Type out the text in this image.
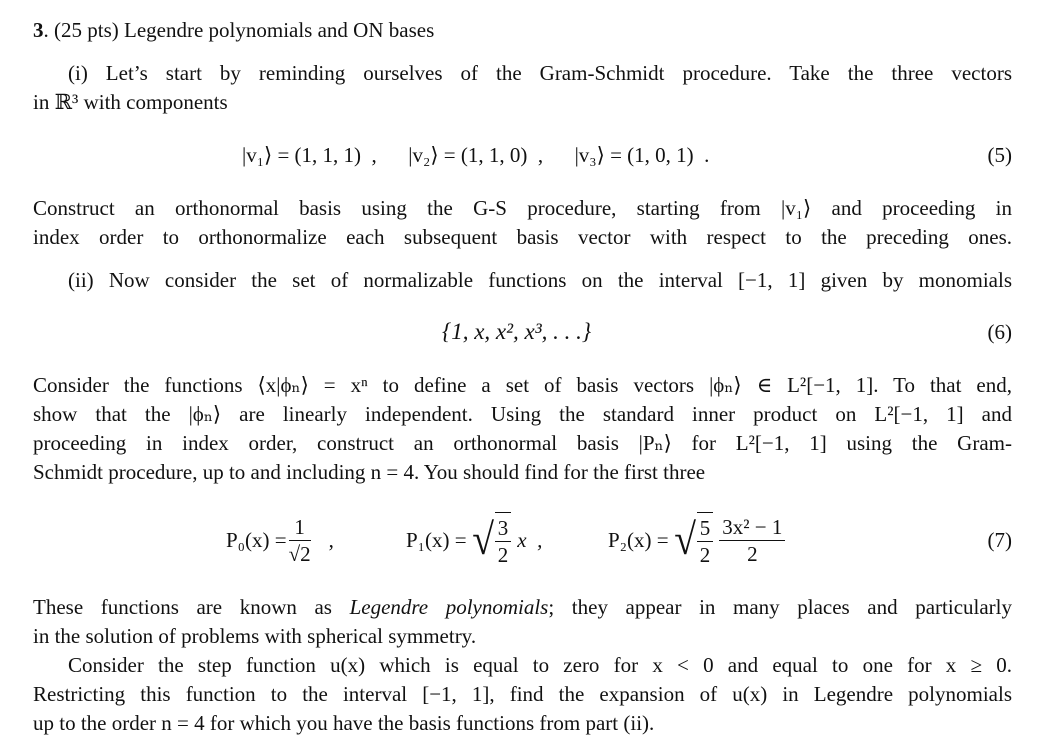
3. (25 pts) Legendre polynomials and ON bases
(i) Let’s start by reminding ourselves of the Gram-Schmidt procedure. Take the three vectors
in ℝ³ with components
|v₁⟩ = (1, 1, 1)  ,      |v₂⟩ = (1, 1, 0)  ,      |v₃⟩ = (1, 0, 1)  .	(5)
Construct an orthonormal basis using the G-S procedure, starting from |v₁⟩ and proceeding in
index order to orthonormalize each subsequent basis vector with respect to the preceding ones.
(ii) Now consider the set of normalizable functions on the interval [−1, 1] given by monomials
{1, x, x², x³, . . .}	(6)
Consider the functions ⟨x|ϕₙ⟩ = xⁿ to define a set of basis vectors |ϕₙ⟩ ∈ L²[−1, 1]. To that end,
show that the |ϕₙ⟩ are linearly independent. Using the standard inner product on L²[−1, 1] and
proceeding in index order, construct an orthonormal basis |Pₙ⟩ for L²[−1, 1] using the Gram-
Schmidt procedure, up to and including n = 4. You should find for the first three
$P_0(x) = \frac{1}{√2}$ ,	P₁(x) = √ $\frac{3}{2}$ x  ,	P₂(x) = √ $\frac{5}{2} \frac{\text{3x² − 1}}{2}$	(7)
These functions are known as Legendre polynomials; they appear in many places and particularly
in the solution of problems with spherical symmetry.
Consider the step function u(x) which is equal to zero for x < 0 and equal to one for x ≥ 0.
Restricting this function to the interval [−1, 1], find the expansion of u(x) in Legendre polynomials
up to the order n = 4 for which you have the basis functions from part (ii).
